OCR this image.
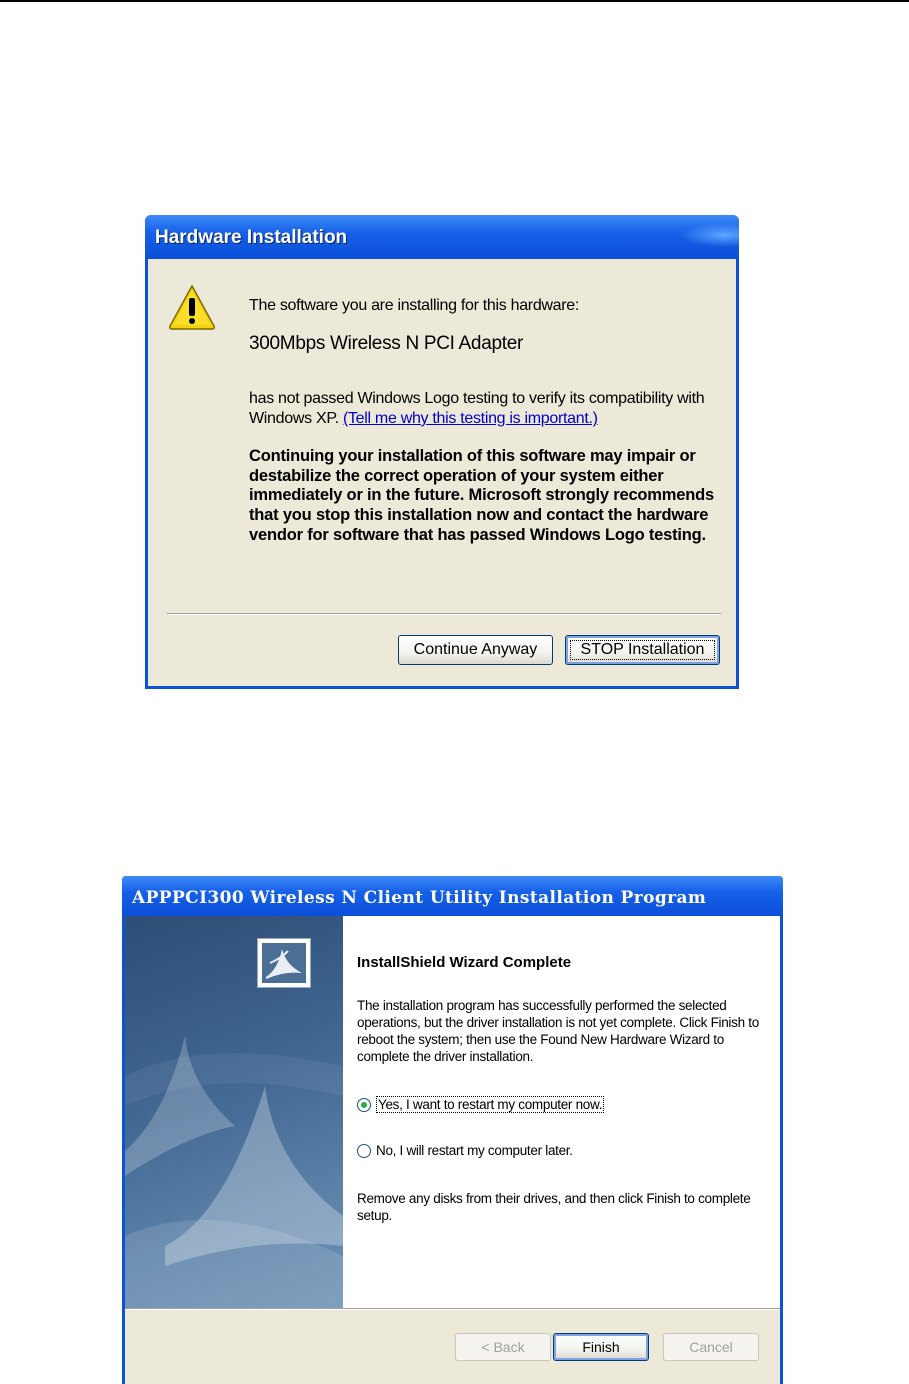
Hardware Installation
The software you are installing for this hardware:
300Mbps Wireless N PCI Adapter
has not passed Windows Logo testing to verify its compatibility with Windows XP. (Tell me why this testing is important.)
Continuing your installation of this software may impair or destabilize the correct operation of your system either immediately or in the future. Microsoft strongly recommends that you stop this installation now and contact the hardware vendor for software that has passed Windows Logo testing.
Continue Anyway	STOP Installation
APPPCI300 Wireless N Client Utility Installation Program
InstallShield Wizard Complete
The installation program has successfully performed the selected operations, but the driver installation is not yet complete. Click Finish to reboot the system; then use the Found New Hardware Wizard to complete the driver installation.
Yes, I want to restart my computer now.
No, I will restart my computer later.
Remove any disks from their drives, and then click Finish to complete setup.
< Back	Finish	Cancel
